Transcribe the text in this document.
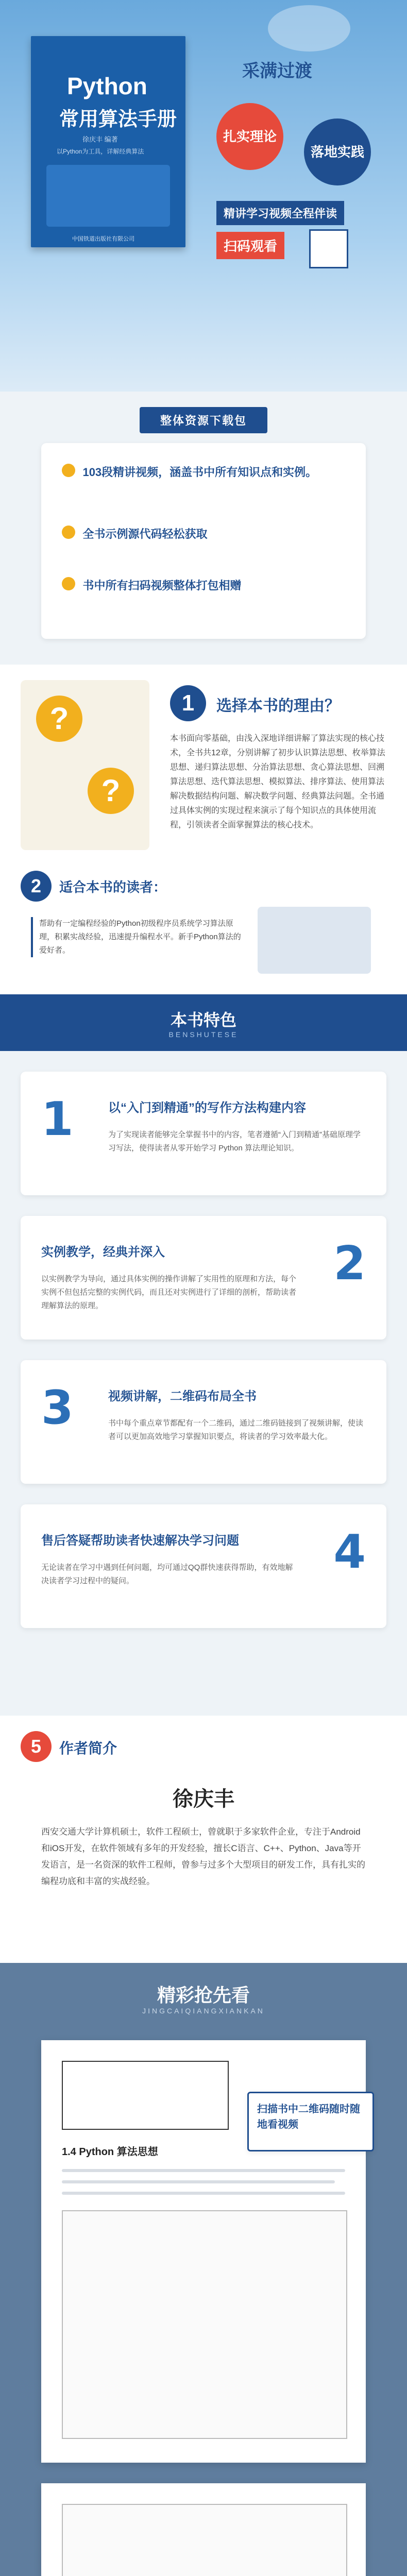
Python
常用算法手册
徐庆丰 编著
以Python为工具，详解经典算法
中国铁道出版社有限公司
采满过渡
扎实理论
落地实践
精讲学习视频全程伴读
扫码观看
整体资源下载包
103段精讲视频，涵盖书中所有知识点和实例。
全书示例源代码轻松获取
书中所有扫码视频整体打包相赠
?
?
1	选择本书的理由？
本书面向零基础，由浅入深地详细讲解了算法实现的核心技术，全书共12章，分别讲解了初步认识算法思想、枚举算法思想、递归算法思想、分治算法思想、贪心算法思想、回溯算法思想、迭代算法思想、模拟算法、排序算法、使用算法解决数据结构问题、解决数学问题、经典算法问题。全书通过具体实例的实现过程来演示了每个知识点的具体使用流程，引领读者全面掌握算法的核心技术。
2	适合本书的读者：
帮助有一定编程经验的Python初级程序员系统学习算法原理，积累实战经验，迅速提升编程水平。新手Python算法的爱好者。
本书特色
BENSHUTESE
1	以“入门到精通”的写作方法构建内容
为了实现读者能够完全掌握书中的内容，笔者遵循“入门到精通”基础原理学习写法，使得读者从零开始学习 Python 算法理论知识。
2
实例教学，经典并深入
以实例教学为导向，通过具体实例的操作讲解了实用性的原理和方法，每个实例不但包括完整的实例代码，而且还对实例进行了详细的剖析，帮助读者理解算法的原理。
3	视频讲解，二维码布局全书
书中每个重点章节都配有一个二维码，通过二维码链接到了视频讲解，使读者可以更加高效地学习掌握知识要点，将读者的学习效率最大化。
4
售后答疑帮助读者快速解决学习问题
无论读者在学习中遇到任何问题，均可通过QQ群快速获得帮助，有效地解决读者学习过程中的疑问。
5	作者简介
徐庆丰
西安交通大学计算机硕士，软件工程硕士，曾就职于多家软件企业，专注于Android和iOS开发，在软件领域有多年的开发经验，擅长C语言、C++、Python、Java等开发语言，是一名资深的软件工程师，曾参与过多个大型项目的研发工作，具有扎实的编程功底和丰富的实战经验。
精彩抢先看
JINGCAIQIANGXIANKAN
1.4 Python 算法思想
扫描书中二维码随时随地看视频
